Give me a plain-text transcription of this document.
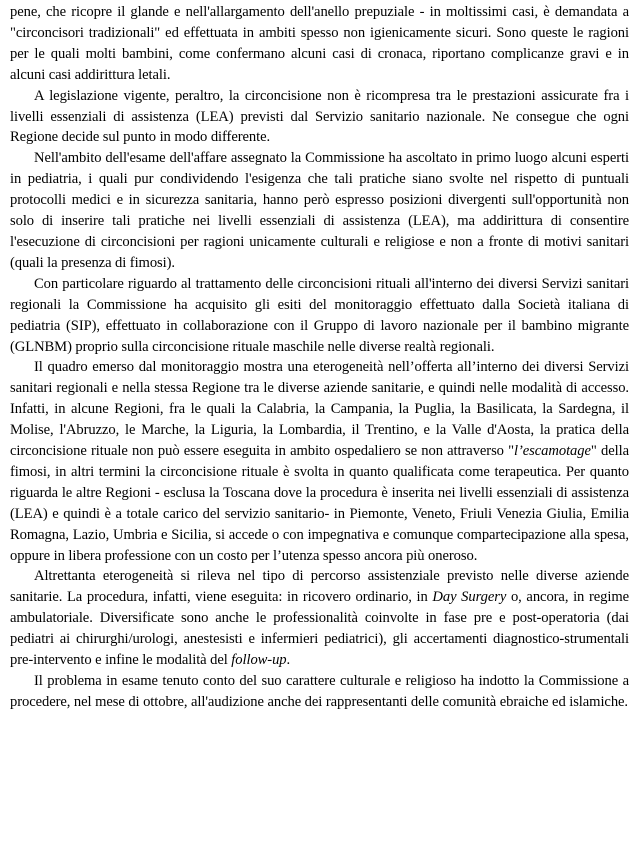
pene, che ricopre il glande e nell'allargamento dell'anello prepuziale - in moltissimi casi, è demandata a "circoncisori tradizionali" ed effettuata in ambiti spesso non igienicamente sicuri. Sono queste le ragioni per le quali molti bambini, come confermano alcuni casi di cronaca, riportano complicanze gravi e in alcuni casi addirittura letali.

A legislazione vigente, peraltro, la circoncisione non è ricompresa tra le prestazioni assicurate fra i livelli essenziali di assistenza (LEA) previsti dal Servizio sanitario nazionale. Ne consegue che ogni Regione decide sul punto in modo differente.

Nell'ambito dell'esame dell'affare assegnato la Commissione ha ascoltato in primo luogo alcuni esperti in pediatria, i quali pur condividendo l'esigenza che tali pratiche siano svolte nel rispetto di puntuali protocolli medici e in sicurezza sanitaria, hanno però espresso posizioni divergenti sull'opportunità non solo di inserire tali pratiche nei livelli essenziali di assistenza (LEA), ma addirittura di consentire l'esecuzione di circoncisioni per ragioni unicamente culturali e religiose e non a fronte di motivi sanitari (quali la presenza di fimosi).

Con particolare riguardo al trattamento delle circoncisioni rituali all'interno dei diversi Servizi sanitari regionali la Commissione ha acquisito gli esiti del monitoraggio effettuato dalla Società italiana di pediatria (SIP), effettuato in collaborazione con il Gruppo di lavoro nazionale per il bambino migrante (GLNBM) proprio sulla circoncisione rituale maschile nelle diverse realtà regionali.

Il quadro emerso dal monitoraggio mostra una eterogeneità nell’offerta all’interno dei diversi Servizi sanitari regionali e nella stessa Regione tra le diverse aziende sanitarie, e quindi nelle modalità di accesso. Infatti, in alcune Regioni, fra le quali la Calabria, la Campania, la Puglia, la Basilicata, la Sardegna, il Molise, l'Abruzzo, le Marche, la Liguria, la Lombardia, il Trentino, e la Valle d'Aosta, la pratica della circoncisione rituale non può essere eseguita in ambito ospedaliero se non attraverso "l’escamotage" della fimosi, in altri termini la circoncisione rituale è svolta in quanto qualificata come terapeutica. Per quanto riguarda le altre Regioni - esclusa la Toscana dove la procedura è inserita nei livelli essenziali di assistenza (LEA) e quindi è a totale carico del servizio sanitario- in Piemonte, Veneto, Friuli Venezia Giulia, Emilia Romagna, Lazio, Umbria e Sicilia, si accede o con impegnativa e comunque compartecipazione alla spesa, oppure in libera professione con un costo per l’utenza spesso ancora più oneroso.

Altrettanta eterogeneità si rileva nel tipo di percorso assistenziale previsto nelle diverse aziende sanitarie. La procedura, infatti, viene eseguita: in ricovero ordinario, in Day Surgery o, ancora, in regime ambulatoriale. Diversificate sono anche le professionalità coinvolte in fase pre e post-operatoria (dai pediatri ai chirurghi/urologi, anestesisti e infermieri pediatrici), gli accertamenti diagnostico-strumentali pre-intervento e infine le modalità del follow-up.

Il problema in esame tenuto conto del suo carattere culturale e religioso ha indotto la Commissione a procedere, nel mese di ottobre, all'audizione anche dei rappresentanti delle comunità ebraiche ed islamiche.
